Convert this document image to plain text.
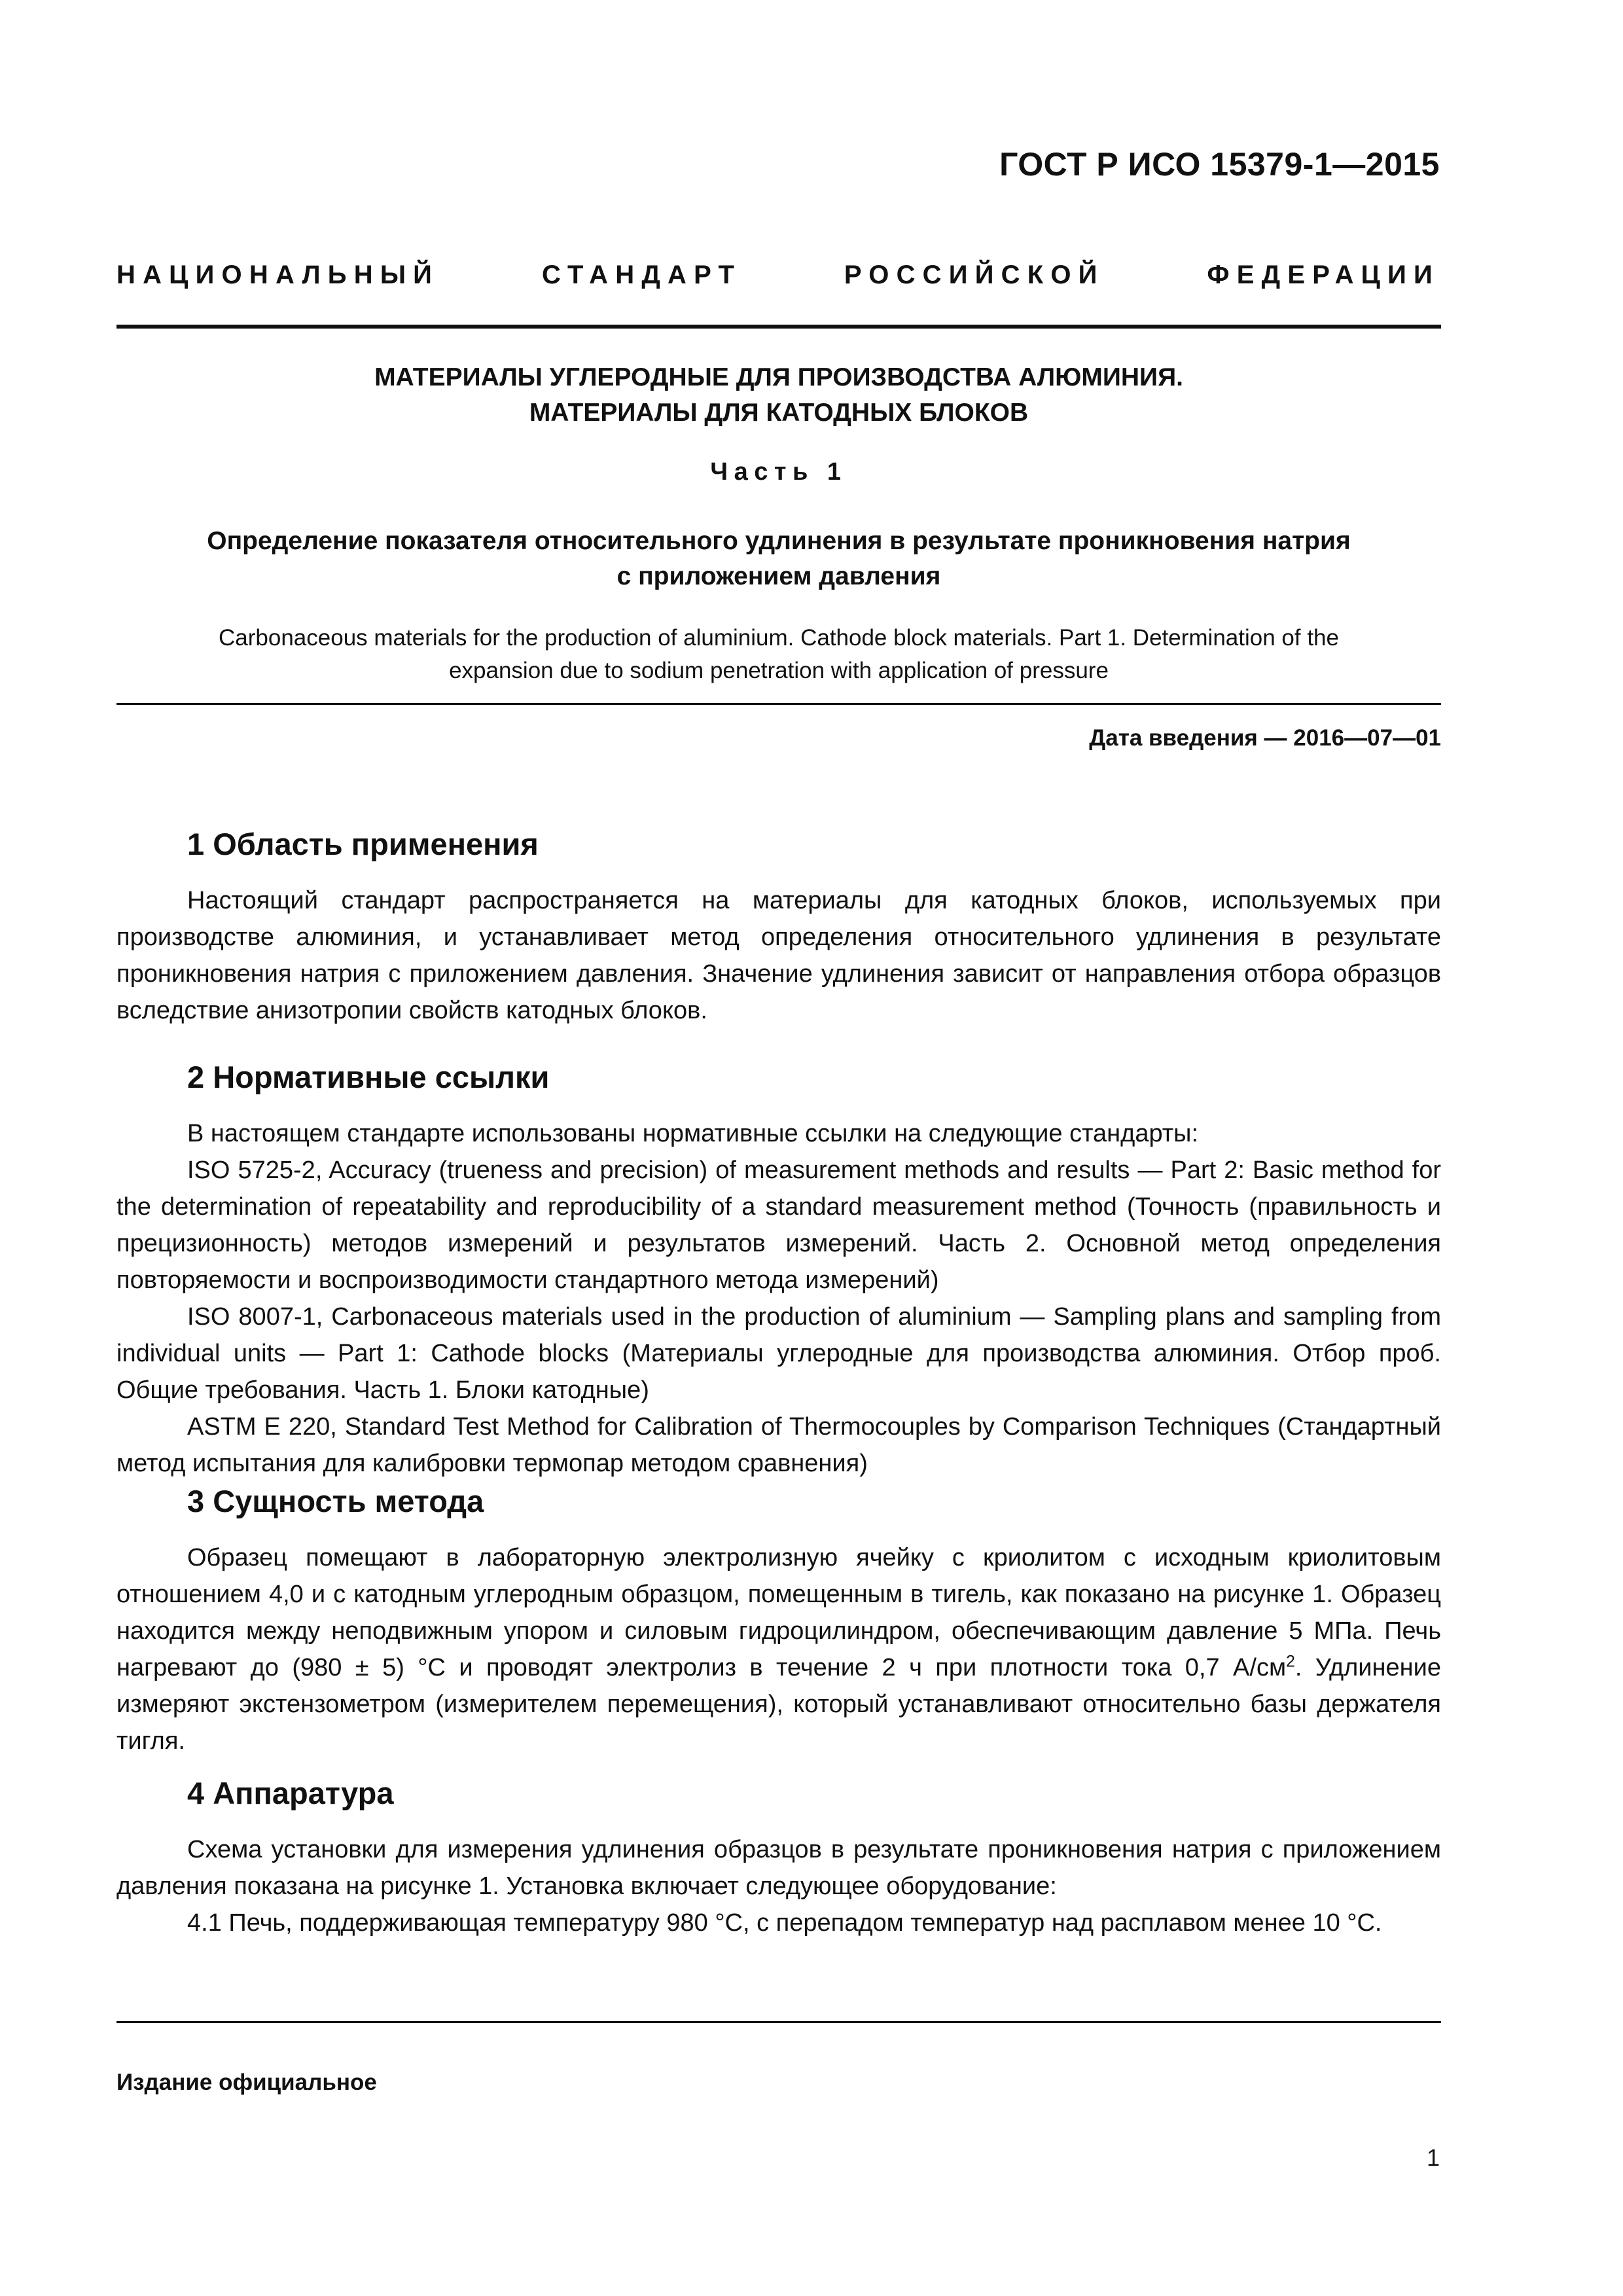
ГОСТ Р ИСО 15379-1—2015
НАЦИОНАЛЬНЫЙ СТАНДАРТ РОССИЙСКОЙ ФЕДЕРАЦИИ
МАТЕРИАЛЫ УГЛЕРОДНЫЕ ДЛЯ ПРОИЗВОДСТВА АЛЮМИНИЯ.
МАТЕРИАЛЫ ДЛЯ КАТОДНЫХ БЛОКОВ
Часть 1
Определение показателя относительного удлинения в результате проникновения натрия
с приложением давления
Carbonaceous materials for the production of aluminium. Cathode block materials. Part 1. Determination of the
expansion due to sodium penetration with application of pressure
Дата введения — 2016—07—01
1 Область применения

Настоящий стандарт распространяется на материалы для катодных блоков, используемых при производстве алюминия, и устанавливает метод определения относительного удлинения в результате проникновения натрия с приложением давления. Значение удлинения зависит от направления отбора образцов вследствие анизотропии свойств катодных блоков.

2 Нормативные ссылки

В настоящем стандарте использованы нормативные ссылки на следующие стандарты:

ISO 5725-2, Accuracy (trueness and precision) of measurement methods and results — Part 2: Basic method for the determination of repeatability and reproducibility of a standard measurement method (Точность (правильность и прецизионность) методов измерений и результатов измерений. Часть 2. Основной метод определения повторяемости и воспроизводимости стандартного метода измерений)

ISO 8007-1, Carbonaceous materials used in the production of aluminium — Sampling plans and sampling from individual units — Part 1: Cathode blocks (Материалы углеродные для производства алюминия. Отбор проб. Общие требования. Часть 1. Блоки катодные)

ASTM E 220, Standard Test Method for Calibration of Thermocouples by Comparison Techniques (Стандартный метод испытания для калибровки термопар методом сравнения)

3 Сущность метода

Образец помещают в лабораторную электролизную ячейку с криолитом с исходным криолитовым отношением 4,0 и с катодным углеродным образцом, помещенным в тигель, как показано на рисунке 1. Образец находится между неподвижным упором и силовым гидроцилиндром, обеспечивающим давление 5 МПа. Печь нагревают до (980 ± 5) °С и проводят электролиз в течение 2 ч при плотности тока 0,7 $А/см^2$. Удлинение измеряют экстензометром (измерителем перемещения), который устанавливают относительно базы держателя тигля.

4 Аппаратура

Схема установки для измерения удлинения образцов в результате проникновения натрия с приложением давления показана на рисунке 1. Установка включает следующее оборудование:

4.1 Печь, поддерживающая температуру 980 °С, с перепадом температур над расплавом менее 10 °С.

Издание официальное
1
